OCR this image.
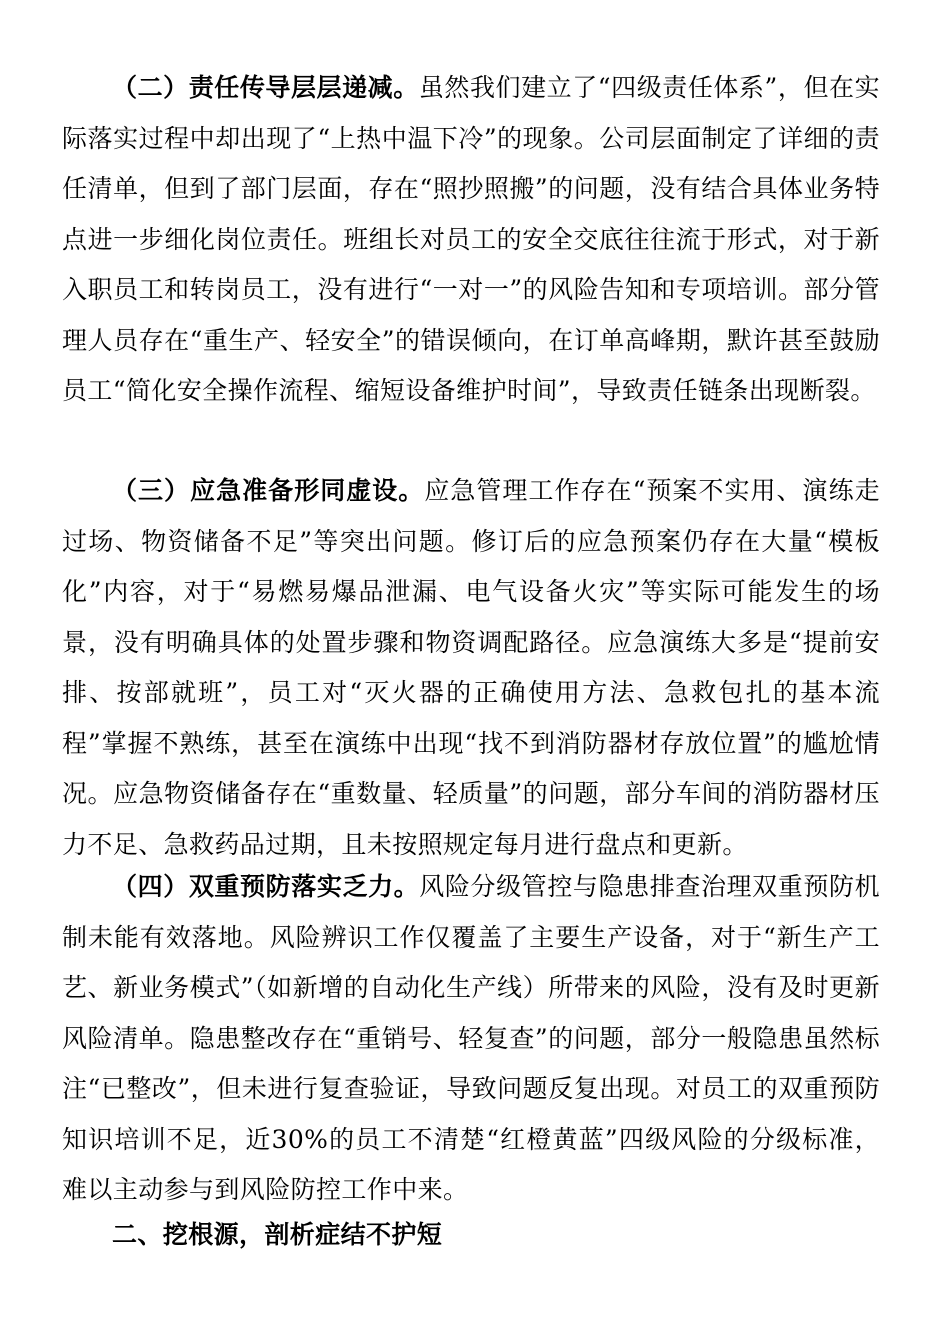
（二）责任传导层层递减。虽然我们建立了“四级责任体系”，但在实际落实过程中却出现了“上热中温下冷”的现象。公司层面制定了详细的责任清单，但到了部门层面，存在“照抄照搬”的问题，没有结合具体业务特点进一步细化岗位责任。班组长对员工的安全交底往往流于形式，对于新入职员工和转岗员工，没有进行“一对一”的风险告知和专项培训。部分管理人员存在“重生产、轻安全”的错误倾向，在订单高峰期，默许甚至鼓励员工“简化安全操作流程、缩短设备维护时间”，导致责任链条出现断裂。

（三）应急准备形同虚设。应急管理工作存在“预案不实用、演练走过场、物资储备不足”等突出问题。修订后的应急预案仍存在大量“模板化”内容，对于“易燃易爆品泄漏、电气设备火灾”等实际可能发生的场景，没有明确具体的处置步骤和物资调配路径。应急演练大多是“提前安排、按部就班”，员工对“灭火器的正确使用方法、急救包扎的基本流程”掌握不熟练，甚至在演练中出现“找不到消防器材存放位置”的尴尬情况。应急物资储备存在“重数量、轻质量”的问题，部分车间的消防器材压力不足、急救药品过期，且未按照规定每月进行盘点和更新。

（四）双重预防落实乏力。风险分级管控与隐患排查治理双重预防机制未能有效落地。风险辨识工作仅覆盖了主要生产设备，对于“新生产工艺、新业务模式”（如新增的自动化生产线）所带来的风险，没有及时更新风险清单。隐患整改存在“重销号、轻复查”的问题，部分一般隐患虽然标注“已整改”，但未进行复查验证，导致问题反复出现。对员工的双重预防知识培训不足，近30%的员工不清楚“红橙黄蓝”四级风险的分级标准，难以主动参与到风险防控工作中来。

二、挖根源，剖析症结不护短
